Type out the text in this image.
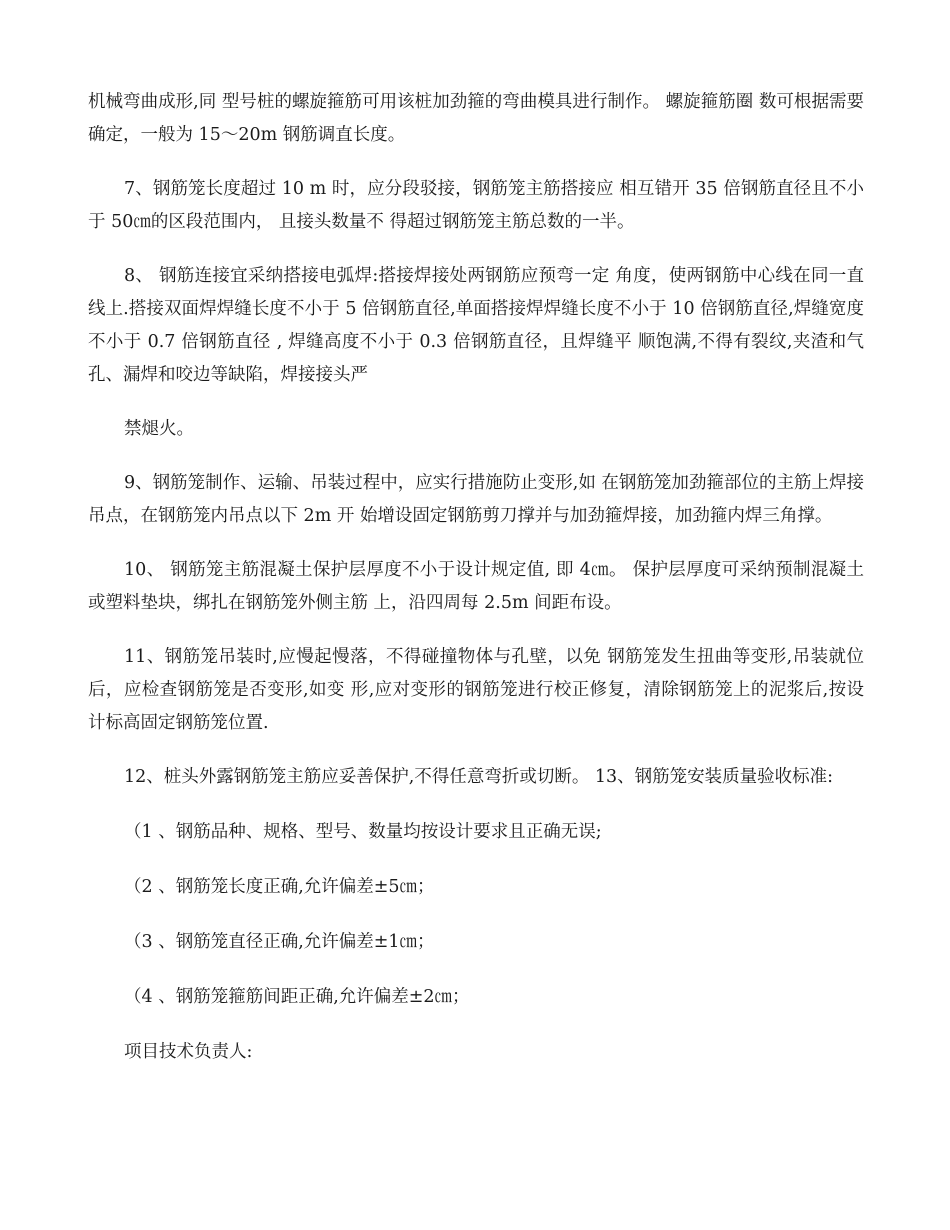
机械弯曲成形,同 型号桩的螺旋箍筋可用该桩加劲箍的弯曲模具进行制作。 螺旋箍筋圈 数可根据需要确定，一般为 15～20m 钢筋调直长度。

7、钢筋笼长度超过 10 m 时，应分段驳接，钢筋笼主筋搭接应 相互错开 35 倍钢筋直径且不小于 50㎝的区段范围内， 且接头数量不 得超过钢筋笼主筋总数的一半。

8、 钢筋连接宜采纳搭接电弧焊:搭接焊接处两钢筋应预弯一定 角度，使两钢筋中心线在同一直线上.搭接双面焊焊缝长度不小于 5 倍钢筋直径,单面搭接焊焊缝长度不小于 10 倍钢筋直径,焊缝宽度 不小于 0.7 倍钢筋直径 , 焊缝高度不小于 0.3 倍钢筋直径，且焊缝平 顺饱满,不得有裂纹,夹渣和气孔、漏焊和咬边等缺陷，焊接接头严

禁煺火。

9、钢筋笼制作、运输、吊装过程中，应实行措施防止变形,如 在钢筋笼加劲箍部位的主筋上焊接吊点，在钢筋笼内吊点以下 2m 开 始增设固定钢筋剪刀撑并与加劲箍焊接，加劲箍内焊三角撑。

10、 钢筋笼主筋混凝土保护层厚度不小于设计规定值, 即 4㎝。 保护层厚度可采纳预制混凝土或塑料垫块，绑扎在钢筋笼外侧主筋 上，沿四周每 2.5m 间距布设。

11、钢筋笼吊装时,应慢起慢落，不得碰撞物体与孔壁，以免 钢筋笼发生扭曲等变形,吊装就位后，应检查钢筋笼是否变形,如变 形,应对变形的钢筋笼进行校正修复，清除钢筋笼上的泥浆后,按设 计标高固定钢筋笼位置.

12、桩头外露钢筋笼主筋应妥善保护,不得任意弯折或切断。 13、钢筋笼安装质量验收标准:

（1 、钢筋品种、规格、型号、数量均按设计要求且正确无误;

（2 、钢筋笼长度正确,允许偏差±5㎝；

（3 、钢筋笼直径正确,允许偏差±1㎝；

（4 、钢筋笼箍筋间距正确,允许偏差±2㎝；

项目技术负责人:
